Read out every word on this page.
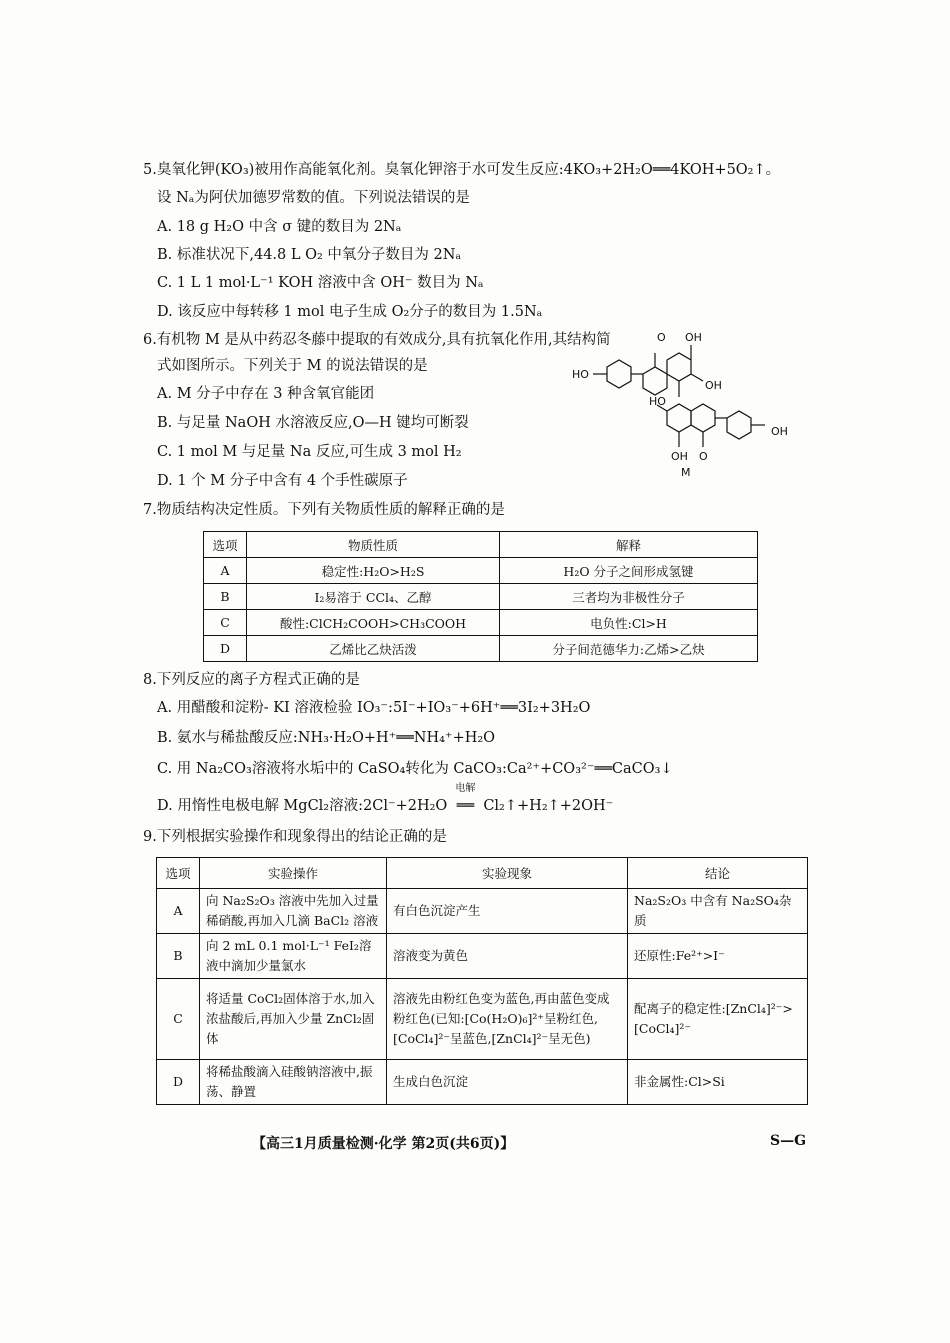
5.臭氧化钾(KO₃)被用作高能氧化剂。臭氧化钾溶于水可发生反应:4KO₃+2H₂O══4KOH+5O₂↑。
设 Nₐ为阿伏加德罗常数的值。下列说法错误的是
A. 18 g H₂O 中含 σ 键的数目为 2Nₐ
B. 标准状况下,44.8 L O₂ 中氧分子数目为 2Nₐ
C. 1 L 1 mol·L⁻¹ KOH 溶液中含 OH⁻ 数目为 Nₐ
D. 该反应中每转移 1 mol 电子生成 O₂分子的数目为 1.5Nₐ
6.有机物 M 是从中药忍冬藤中提取的有效成分,具有抗氧化作用,其结构简
式如图所示。下列关于 M 的说法错误的是
A. M 分子中存在 3 种含氧官能团
B. 与足量 NaOH 水溶液反应,O—H 键均可断裂
C. 1 mol M 与足量 Na 反应,可生成 3 mol H₂
D. 1 个 M 分子中含有 4 个手性碳原子
O OH
HO
OH
HO
OH
OH O
M
7.物质结构决定性质。下列有关物质性质的解释正确的是
选项	物质性质	解释
A	稳定性:H₂O>H₂S	H₂O 分子之间形成氢键
B	I₂易溶于 CCl₄、乙醇	三者均为非极性分子
C	酸性:ClCH₂COOH>CH₃COOH	电负性:Cl>H
D	乙烯比乙炔活泼	分子间范德华力:乙烯>乙炔
8.下列反应的离子方程式正确的是
A. 用醋酸和淀粉- KI 溶液检验 IO₃⁻:5I⁻+IO₃⁻+6H⁺══3I₂+3H₂O
B. 氨水与稀盐酸反应:NH₃·H₂O+H⁺══NH₄⁺+H₂O
C. 用 Na₂CO₃溶液将水垢中的 CaSO₄转化为 CaCO₃:Ca²⁺+CO₃²⁻══CaCO₃↓
D. 用惰性电极电解 MgCl₂溶液:2Cl⁻+2H₂O
电解
══ Cl₂↑+H₂↑+2OH⁻
9.下列根据实验操作和现象得出的结论正确的是
选项	实验操作	实验现象	结论
A	向 Na₂S₂O₃ 溶液中先加入过量稀硝酸,再加入几滴 BaCl₂ 溶液	有白色沉淀产生	Na₂S₂O₃ 中含有 Na₂SO₄杂质
B	向 2 mL 0.1 mol·L⁻¹ FeI₂溶液中滴加少量氯水	溶液变为黄色	还原性:Fe²⁺>I⁻
C	将适量 CoCl₂固体溶于水,加入浓盐酸后,再加入少量 ZnCl₂固体	溶液先由粉红色变为蓝色,再由蓝色变成粉红色(已知:[Co(H₂O)₆]²⁺呈粉红色,[CoCl₄]²⁻呈蓝色,[ZnCl₄]²⁻呈无色)	配离子的稳定性:[ZnCl₄]²⁻>[CoCl₄]²⁻
D	将稀盐酸滴入硅酸钠溶液中,振荡、静置	生成白色沉淀	非金属性:Cl>Si
【高三1月质量检测·化学 第2页(共6页)】	S—G
